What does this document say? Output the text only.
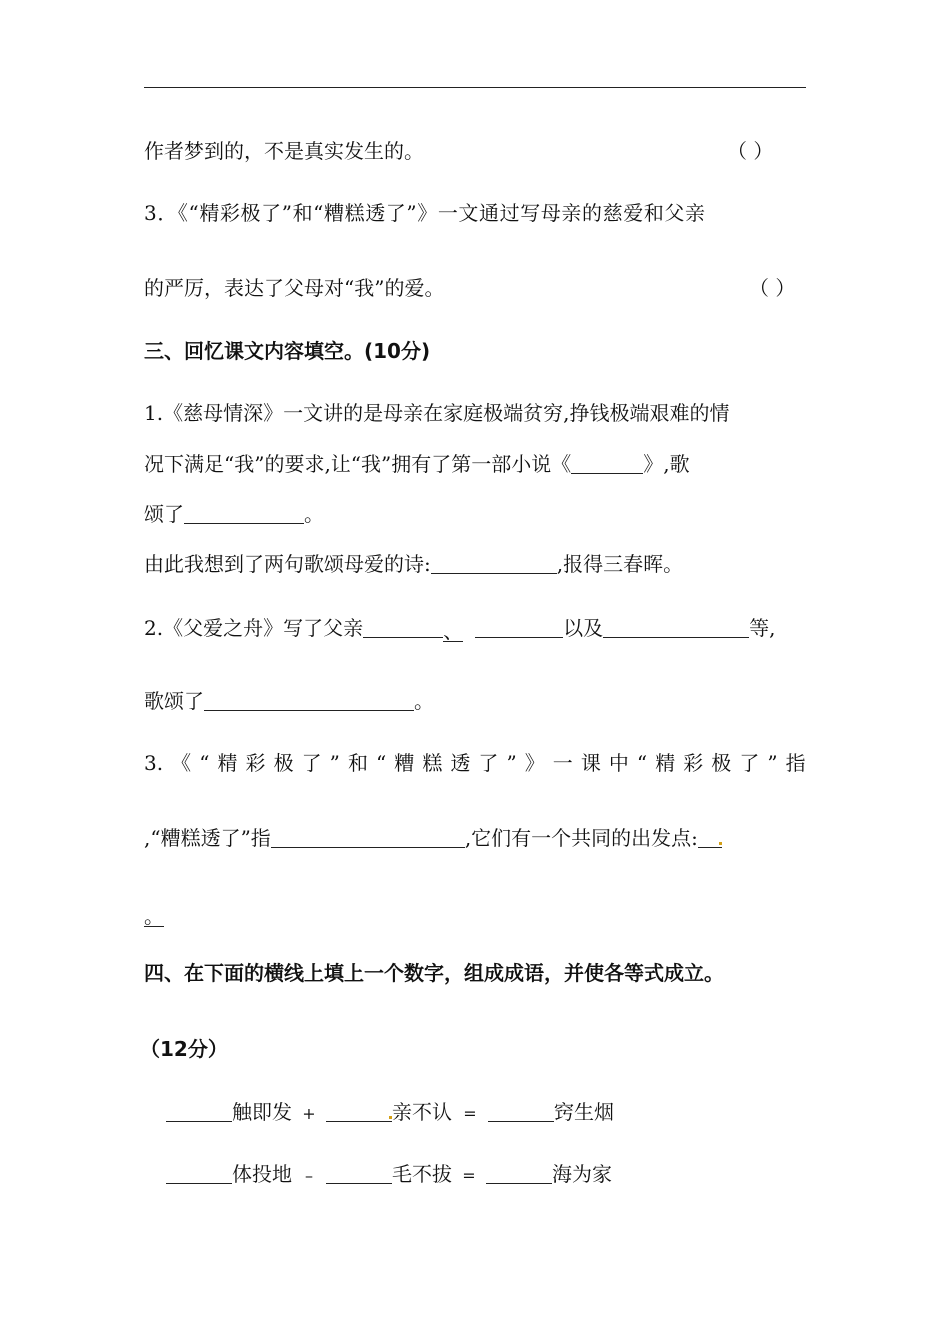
作者梦到的，不是真实发生的。	（ ）
3．《“精彩极了”和“糟糕透了”》一文通过写母亲的慈爱和父亲
的严厉，表达了父母对“我”的爱。	（ ）
三、回忆课文内容填空。(10分)
1.《慈母情深》一文讲的是母亲在家庭极端贫穷,挣钱极端艰难的情
况下满足“我”的要求,让“我”拥有了第一部小说《	》,歌
颂了	。
由此我想到了两句歌颂母爱的诗:	,报得三春晖。
2.《父爱之舟》写了父亲	、	以及	等,
歌颂了	。
3. 《 “ 精 彩 极 了 ” 和 “ 糟 糕 透 了 ” 》 一 课 中 “ 精 彩 极 了 ” 指
,“糟糕透了”指	,它们有一个共同的出发点:
。
四、在下面的横线上填上一个数字，组成成语，并使各等式成立。
（12分）
触即发 +	亲不认 =	窍生烟
体投地 –	毛不拔 =	海为家
